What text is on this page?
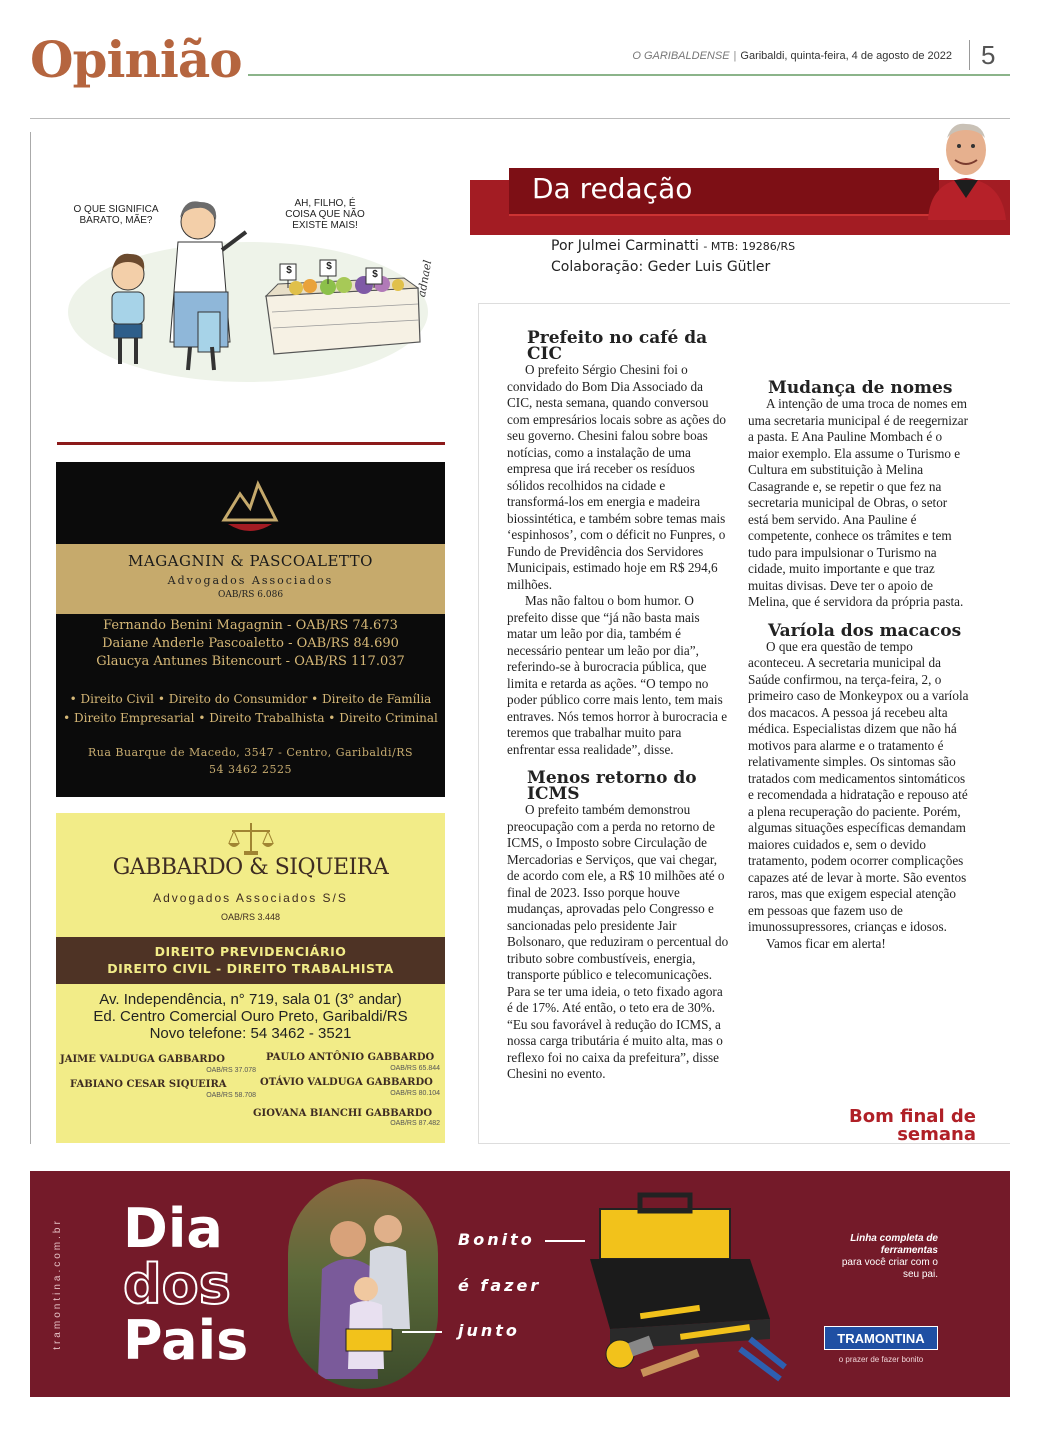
Opinião	O GARIBALDENSE | Garibaldi, quinta-feira, 4 de agosto de 2022 5
O QUE SIGNIFICA BARATO, MÃE?
AH, FILHO, É COISA QUE NÃO EXISTE MAIS!
$	$
$	adnael
MAGAGNIN & PASCOALETTO
Advogados Associados
OAB/RS 6.086
Fernando Benini Magagnin - OAB/RS 74.673
Daiane Anderle Pascoaletto - OAB/RS 84.690
Glaucya Antunes Bitencourt - OAB/RS 117.037
• Direito Civil • Direito do Consumidor • Direito de Família
• Direito Empresarial • Direito Trabalhista • Direito Criminal
Rua Buarque de Macedo, 3547 - Centro, Garibaldi/RS
54 3462 2525
GABBARDO & SIQUEIRA
Advogados Associados S/S
OAB/RS 3.448
DIREITO PREVIDENCIÁRIO
DIREITO CIVIL - DIREITO TRABALHISTA
Av. Independência, n° 719, sala 01 (3° andar)
Ed. Centro Comercial Ouro Preto, Garibaldi/RS
Novo telefone: 54 3462 - 3521
JAIME VALDUGA GABBARDO
OAB/RS 37.078
PAULO ANTÔNIO GABBARDO
OAB/RS 65.844
FABIANO CESAR SIQUEIRA
OAB/RS 58.708
OTÁVIO VALDUGA GABBARDO
OAB/RS 80.104
GIOVANA BIANCHI GABBARDO
OAB/RS 87.482
Da redação
Por Julmei Carminatti - MTB: 19286/RS
Colaboração: Geder Luis Gütler
Prefeito no café da CIC

O prefeito Sérgio Chesini foi o convidado do Bom Dia Associado da CIC, nesta semana, quando conversou com empresários locais sobre as ações do seu governo. Chesini falou sobre boas notícias, como a instalação de uma empresa que irá receber os resíduos sólidos recolhidos na cidade e transformá-los em energia e madeira biossintética, e também sobre temas mais ‘espinhosos’, com o déficit no Funpres, o Fundo de Previdência dos Servidores Municipais, estimado hoje em R$ 294,6 milhões.

Mas não faltou o bom humor. O prefeito disse que “já não basta mais matar um leão por dia, também é necessário pentear um leão por dia”, referindo-se à burocracia pública, que limita e retarda as ações. “O tempo no poder público corre mais lento, tem mais entraves. Nós temos horror à burocracia e teremos que trabalhar muito para enfrentar essa realidade”, disse.

Menos retorno do ICMS

O prefeito também demonstrou preocupação com a perda no retorno de ICMS, o Imposto sobre Circulação de Mercadorias e Serviços, que vai chegar, de acordo com ele, a R$ 10 milhões até o final de 2023. Isso porque houve mudanças, aprovadas pelo Congresso e sancionadas pelo presidente Jair Bolsonaro, que reduziram o percentual do tributo sobre combustíveis, energia, transporte público e telecomunicações. Para se ter uma ideia, o teto fixado agora é de 17%. Até então, o teto era de 30%. “Eu sou favorável à redução do ICMS, a nossa carga tributária é muito alta, mas o reflexo foi no caixa da prefeitura”, disse Chesini no evento.

Mudança de nomes

A intenção de uma troca de nomes em uma secretaria municipal é de reegernizar a pasta. E Ana Pauline Mombach é o maior exemplo. Ela assume o Turismo e Cultura em substituição à Melina Casagrande e, se repetir o que fez na secretaria municipal de Obras, o setor está bem servido. Ana Pauline é competente, conhece os trâmites e tem tudo para impulsionar o Turismo na cidade, muito importante e que traz muitas divisas. Deve ter o apoio de Melina, que é servidora da própria pasta.

Varíola dos macacos

O que era questão de tempo aconteceu. A secretaria municipal da Saúde confirmou, na terça-feira, 2, o primeiro caso de Monkeypox ou a varíola dos macacos. A pessoa já recebeu alta médica. Especialistas dizem que não há motivos para alarme e o tratamento é relativamente simples. Os sintomas são tratados com medicamentos sintomáticos e recomendada a hidratação e repouso até a plena recuperação do paciente. Porém, algumas situações específicas demandam maiores cuidados e, sem o devido tratamento, podem ocorrer complicações capazes até de levar à morte. São eventos raros, mas que exigem especial atenção em pessoas que fazem uso de imunossupressores, crianças e idosos.

Vamos ficar em alerta!

Bom final de semana
tramontina.com.br Dia
dos
Pais
Bonito
é fazer
junto
Linha completa de ferramentas
para você criar com o seu pai.
TRAMONTINA
o prazer de fazer bonito
